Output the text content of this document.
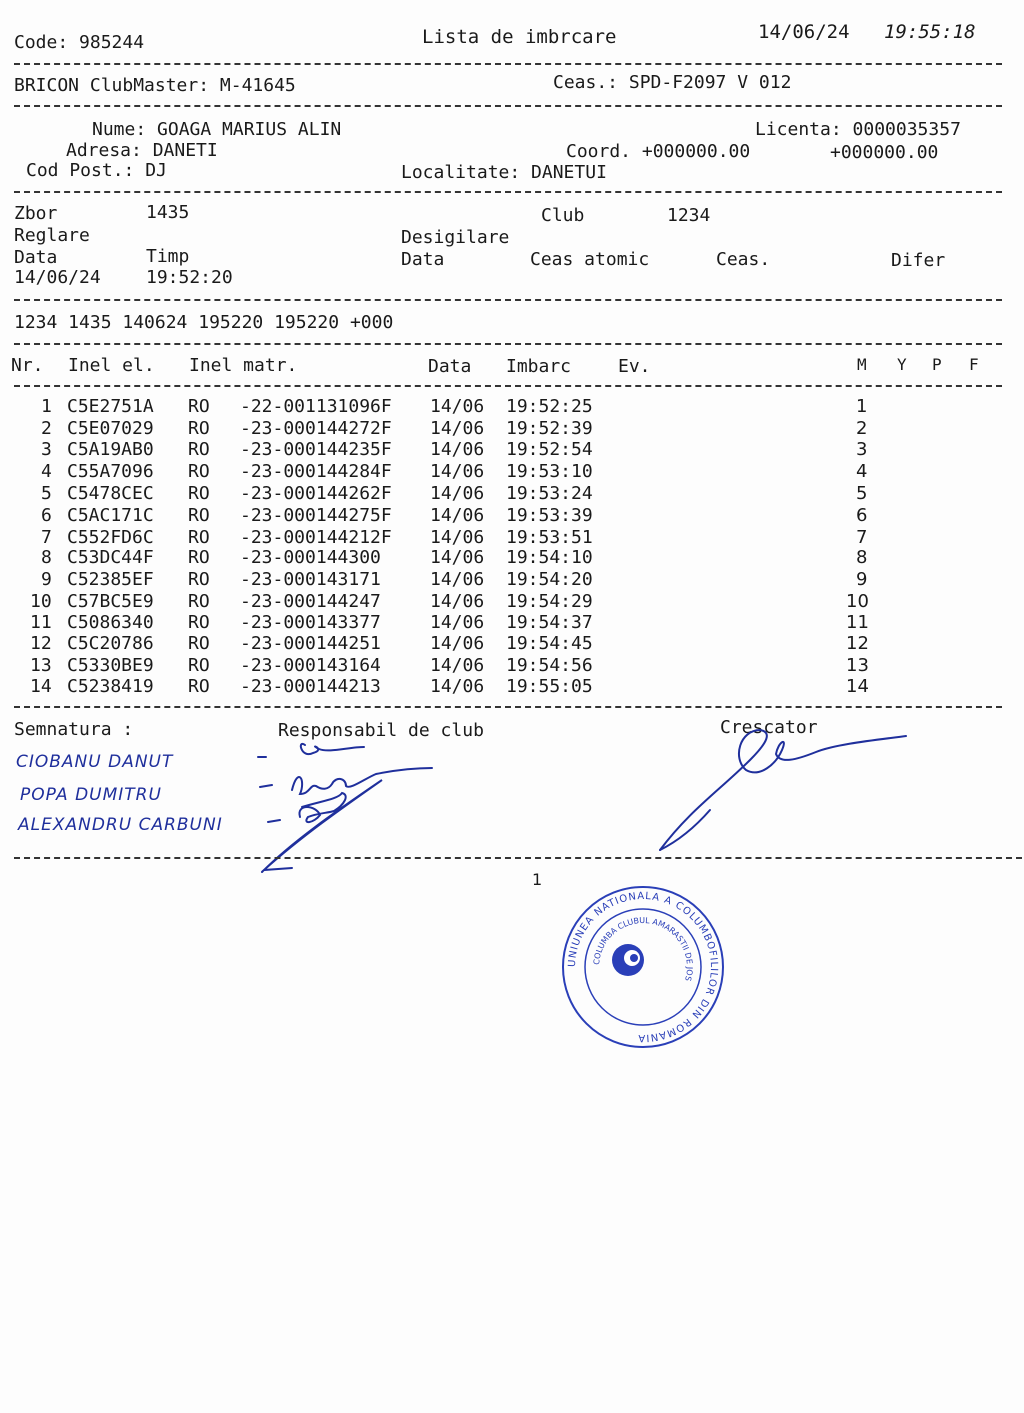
Code: 985244	Lista de imbrcare	14/06/24 19:55:18
BRICON ClubMaster: M-41645	Ceas.: SPD-F2097 V 012
Nume: GOAGA MARIUS ALIN	Licenta: 0000035357
Adresa: DANETI	Coord. +000000.00	+000000.00
Cod Post.: DJ	Localitate: DANETUI
Zbor	1435	Club	1234
Reglare	Desigilare
Data	Timp	Data	Ceas atomic	Ceas.	Difer
14/06/24	19:52:20
1234 1435 140624 195220 195220 +000
Nr. Inel el. Inel matr.	Data Imbarc	Ev.	M Y P F
1 C5E2751A RO -22-001131096F 14/06 19:52:25	1
2 C5E07029 RO -23-000144272F 14/06 19:52:39	2
3 C5A19AB0 RO -23-000144235F 14/06 19:52:54	3
4 C55A7096 RO -23-000144284F 14/06 19:53:10	4
5 C5478CEC RO -23-000144262F 14/06 19:53:24	5
6 C5AC171C RO -23-000144275F 14/06 19:53:39	6
7 C552FD6C RO -23-000144212F 14/06 19:53:51	7
8 C53DC44F RO -23-000144300	14/06 19:54:10	8
9 C52385EF RO -23-000143171	14/06 19:54:20	9
10 C57BC5E9 RO -23-000144247	14/06 19:54:29	10
11 C5086340 RO -23-000143377	14/06 19:54:37	11
12 C5C20786 RO -23-000144251	14/06 19:54:45	12
13 C5330BE9 RO -23-000143164	14/06 19:54:56	13
14 C5238419 RO -23-000144213	14/06 19:55:05	14
Semnatura :	Responsabil de club	Crescator
CIOBANU DANUT
POPA DUMITRU
ALEXANDRU CARBUNI
1
UNIUNEA NATIONALA A COLUMBOFILILOR DIN ROMANIA
COLUMBA CLUBUL AMARASTII DE JOS
